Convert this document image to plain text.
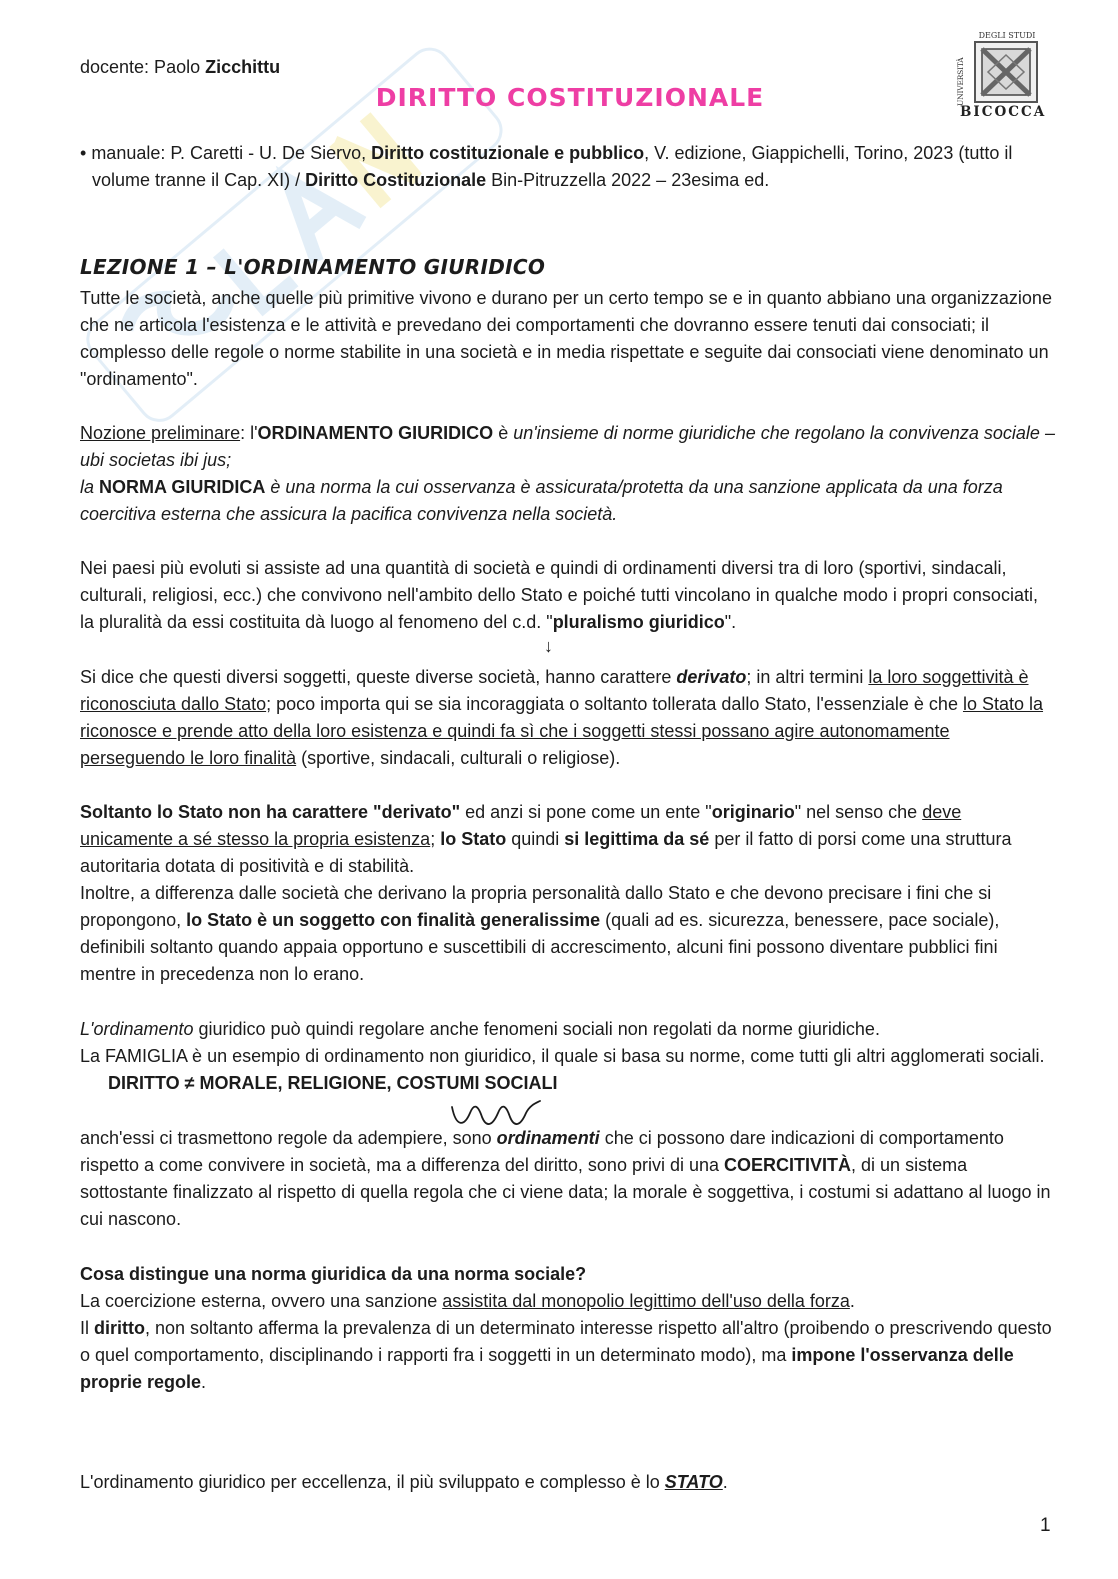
docente: Paolo Zicchittu
DIRITTO COSTITUZIONALE	UNIVERSITÀ
DEGLI STUDI
BICOCCA

• manuale: P. Caretti - U. De Siervo, Diritto costituzionale e pubblico, V. edizione, Giappichelli, Torino, 2023 (tutto il volume tranne il Cap. XI) / Diritto Costituzionale Bin-Pitruzzella 2022 – 23esima ed.

LEZIONE 1 – L'ORDINAMENTO GIURIDICO

Tutte le società, anche quelle più primitive vivono e durano per un certo tempo se e in quanto abbiano una organizzazione che ne articola l'esistenza e le attività e prevedano dei comportamenti che dovranno essere tenuti dai consociati; il complesso delle regole o norme stabilite in una società e in media rispettate e seguite dai consociati viene denominato un "ordinamento".

Nozione preliminare: l'ORDINAMENTO GIURIDICO è un'insieme di norme giuridiche che regolano la convivenza sociale – ubi societas ibi jus;
la NORMA GIURIDICA è una norma la cui osservanza è assicurata/protetta da una sanzione applicata da una forza coercitiva esterna che assicura la pacifica convivenza nella società.

Nei paesi più evoluti si assiste ad una quantità di società e quindi di ordinamenti diversi tra di loro (sportivi, sindacali, culturali, religiosi, ecc.) che convivono nell'ambito dello Stato e poiché tutti vincolano in qualche modo i propri consociati, la pluralità da essi costituita dà luogo al fenomeno del c.d. "pluralismo giuridico".

↓

Si dice che questi diversi soggetti, queste diverse società, hanno carattere derivato; in altri termini la loro soggettività è riconosciuta dallo Stato; poco importa qui se sia incoraggiata o soltanto tollerata dallo Stato, l'essenziale è che lo Stato la riconosce e prende atto della loro esistenza e quindi fa sì che i soggetti stessi possano agire autonomamente perseguendo le loro finalità (sportive, sindacali, culturali o religiose).

Soltanto lo Stato non ha carattere "derivato" ed anzi si pone come un ente "originario" nel senso che deve unicamente a sé stesso la propria esistenza; lo Stato quindi si legittima da sé per il fatto di porsi come una struttura autoritaria dotata di positività e di stabilità.

Inoltre, a differenza dalle società che derivano la propria personalità dallo Stato e che devono precisare i fini che si propongono, lo Stato è un soggetto con finalità generalissime (quali ad es. sicurezza, benessere, pace sociale), definibili soltanto quando appaia opportuno e suscettibili di accrescimento, alcuni fini possono diventare pubblici fini mentre in precedenza non lo erano.

L'ordinamento giuridico può quindi regolare anche fenomeni sociali non regolati da norme giuridiche.
La FAMIGLIA è un esempio di ordinamento non giuridico, il quale si basa su norme, come tutti gli altri agglomerati sociali.DIRITTO ≠ MORALE, RELIGIONE, COSTUMI SOCIALI

anch'essi ci trasmettono regole da adempiere, sono ordinamenti che ci possono dare indicazioni di comportamento rispetto a come convivere in società, ma a differenza del diritto, sono privi di una COERCITIVITÀ, di un sistema sottostante finalizzato al rispetto di quella regola che ci viene data; la morale è soggettiva, i costumi si adattano al luogo in cui nascono.

Cosa distingue una norma giuridica da una norma sociale?

La coercizione esterna, ovvero una sanzione assistita dal monopolio legittimo dell'uso della forza.

Il diritto, non soltanto afferma la prevalenza di un determinato interesse rispetto all'altro (proibendo o prescrivendo questo o quel comportamento, disciplinando i rapporti fra i soggetti in un determinato modo), ma impone l'osservanza delle proprie regole.

L'ordinamento giuridico per eccellenza, il più sviluppato e complesso è lo STATO.

1
